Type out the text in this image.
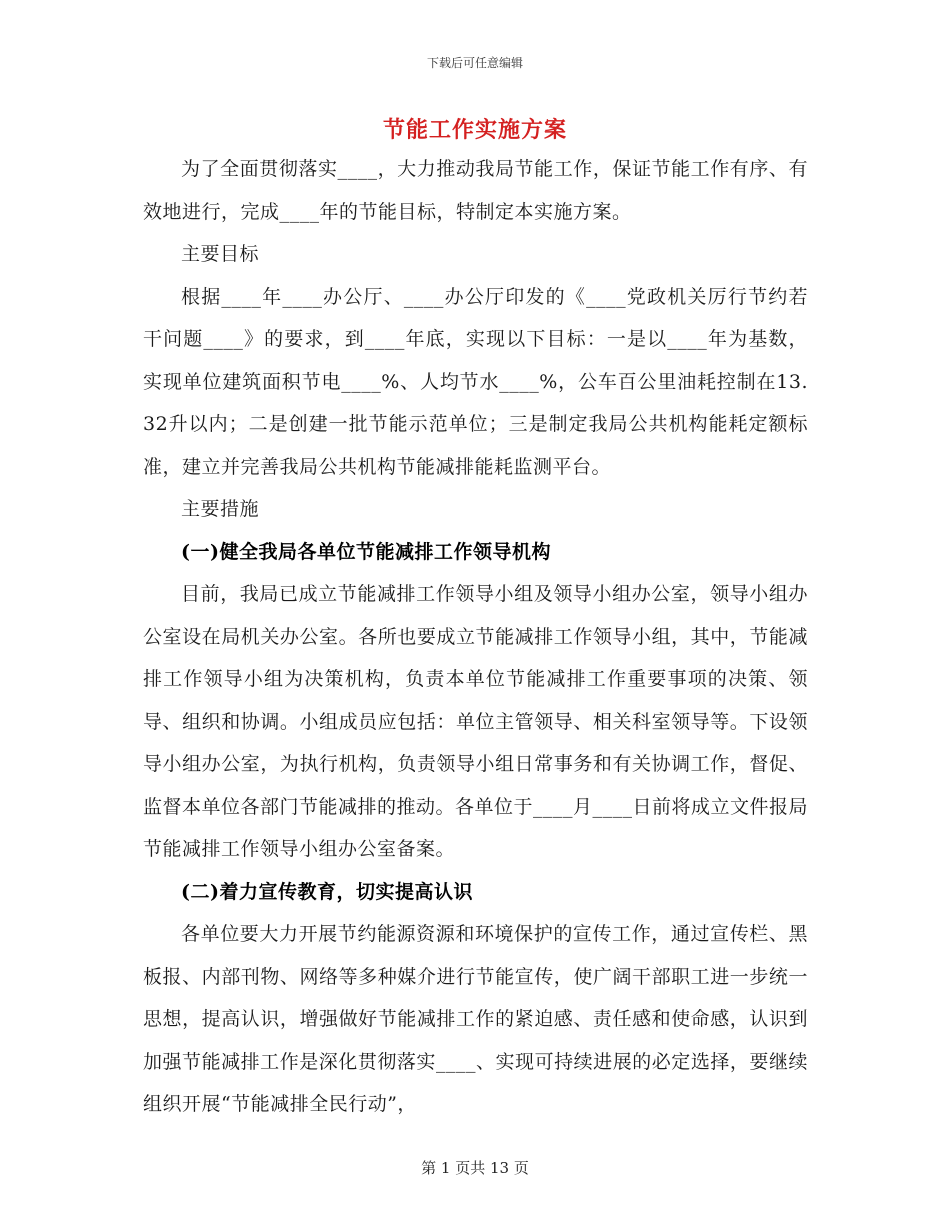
下载后可任意编辑
节能工作实施方案

为了全面贯彻落实____，大力推动我局节能工作，保证节能工作有序、有效地进行，完成____年的节能目标，特制定本实施方案。

主要目标

根据____年____办公厅、____办公厅印发的《____党政机关厉行节约若干问题____》的要求，到____年底，实现以下目标：一是以____年为基数，实现单位建筑面积节电____%、人均节水____%，公车百公里油耗控制在13.32升以内；二是创建一批节能示范单位；三是制定我局公共机构能耗定额标准，建立并完善我局公共机构节能减排能耗监测平台。

主要措施

(一)健全我局各单位节能减排工作领导机构

目前，我局已成立节能减排工作领导小组及领导小组办公室，领导小组办公室设在局机关办公室。各所也要成立节能减排工作领导小组，其中，节能减排工作领导小组为决策机构，负责本单位节能减排工作重要事项的决策、领导、组织和协调。小组成员应包括：单位主管领导、相关科室领导等。下设领导小组办公室，为执行机构，负责领导小组日常事务和有关协调工作，督促、监督本单位各部门节能减排的推动。各单位于____月____日前将成立文件报局节能减排工作领导小组办公室备案。

(二)着力宣传教育，切实提高认识

各单位要大力开展节约能源资源和环境保护的宣传工作，通过宣传栏、黑板报、内部刊物、网络等多种媒介进行节能宣传，使广阔干部职工进一步统一思想，提高认识，增强做好节能减排工作的紧迫感、责任感和使命感，认识到加强节能减排工作是深化贯彻落实____、实现可持续进展的必定选择，要继续组织开展“节能减排全民行动”，

第 1 页共 13 页
